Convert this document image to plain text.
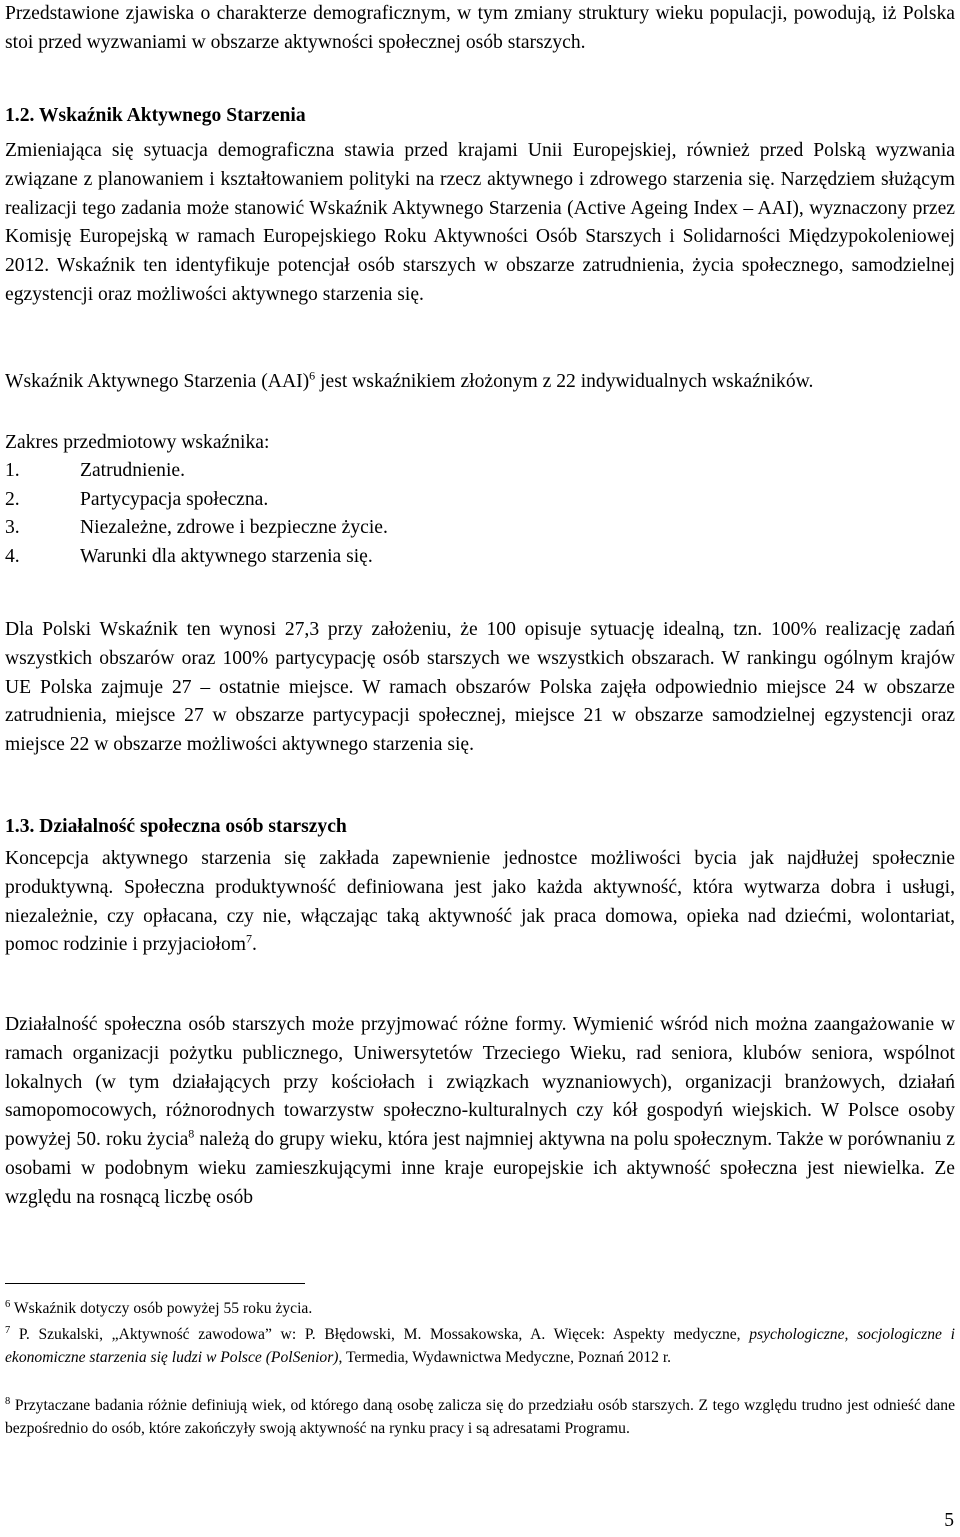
Przedstawione zjawiska o charakterze demograficznym, w tym zmiany struktury wieku populacji, powodują, iż Polska stoi przed wyzwaniami w obszarze aktywności społecznej osób starszych.

1.2. Wskaźnik Aktywnego Starzenia

Zmieniająca się sytuacja demograficzna stawia przed krajami Unii Europejskiej, również przed Polską wyzwania związane z planowaniem i kształtowaniem polityki na rzecz aktywnego i zdrowego starzenia się. Narzędziem służącym realizacji tego zadania może stanowić Wskaźnik Aktywnego Starzenia (Active Ageing Index – AAI), wyznaczony przez Komisję Europejską w ramach Europejskiego Roku Aktywności Osób Starszych i Solidarności Międzypokoleniowej 2012. Wskaźnik ten identyfikuje potencjał osób starszych w obszarze zatrudnienia, życia społecznego, samodzielnej egzystencji oraz możliwości aktywnego starzenia się.

Wskaźnik Aktywnego Starzenia (AAI)$^6$ jest wskaźnikiem złożonym z 22 indywidualnych wskaźników.

Zakres przedmiotowy wskaźnika:

1.	Zatrudnienie.
2.	Partycypacja społeczna.
3.	Niezależne, zdrowe i bezpieczne życie.
4.	Warunki dla aktywnego starzenia się.

Dla Polski Wskaźnik ten wynosi 27,3 przy założeniu, że 100 opisuje sytuację idealną, tzn. 100% realizację zadań wszystkich obszarów oraz 100% partycypację osób starszych we wszystkich obszarach. W rankingu ogólnym krajów UE Polska zajmuje 27 – ostatnie miejsce. W ramach obszarów Polska zajęła odpowiednio miejsce 24 w obszarze zatrudnienia, miejsce 27 w obszarze partycypacji społecznej, miejsce 21 w obszarze samodzielnej egzystencji oraz miejsce 22 w obszarze możliwości aktywnego starzenia się.

1.3. Działalność społeczna osób starszych

Koncepcja aktywnego starzenia się zakłada zapewnienie jednostce możliwości bycia jak najdłużej społecznie produktywną. Społeczna produktywność definiowana jest jako każda aktywność, która wytwarza dobra i usługi, niezależnie, czy opłacana, czy nie, włączając taką aktywność jak praca domowa, opieka nad dziećmi, wolontariat, pomoc rodzinie i przyjaciołom$^7$.

Działalność społeczna osób starszych może przyjmować różne formy. Wymienić wśród nich można zaangażowanie w ramach organizacji pożytku publicznego, Uniwersytetów Trzeciego Wieku, rad seniora, klubów seniora, wspólnot lokalnych (w tym działających przy kościołach i związkach wyznaniowych), organizacji branżowych, działań samopomocowych, różnorodnych towarzystw społeczno-kulturalnych czy kół gospodyń wiejskich. W Polsce osoby powyżej 50. roku życia$^8$ należą do grupy wieku, która jest najmniej aktywna na polu społecznym. Także w porównaniu z osobami w podobnym wieku zamieszkującymi inne kraje europejskie ich aktywność społeczna jest niewielka. Ze względu na rosnącą liczbę osób

$^6$ Wskaźnik dotyczy osób powyżej 55 roku życia.

$^7$ P. Szukalski, „Aktywność zawodowa” w: P. Błędowski, M. Mossakowska, A. Więcek: Aspekty medyczne, psychologiczne, socjologiczne i ekonomiczne starzenia się ludzi w Polsce (PolSenior), Termedia, Wydawnictwa Medyczne, Poznań 2012 r.

$^8$ Przytaczane badania różnie definiują wiek, od którego daną osobę zalicza się do przedziału osób starszych. Z tego względu trudno jest odnieść dane bezpośrednio do osób, które zakończyły swoją aktywność na rynku pracy i są adresatami Programu.

5
